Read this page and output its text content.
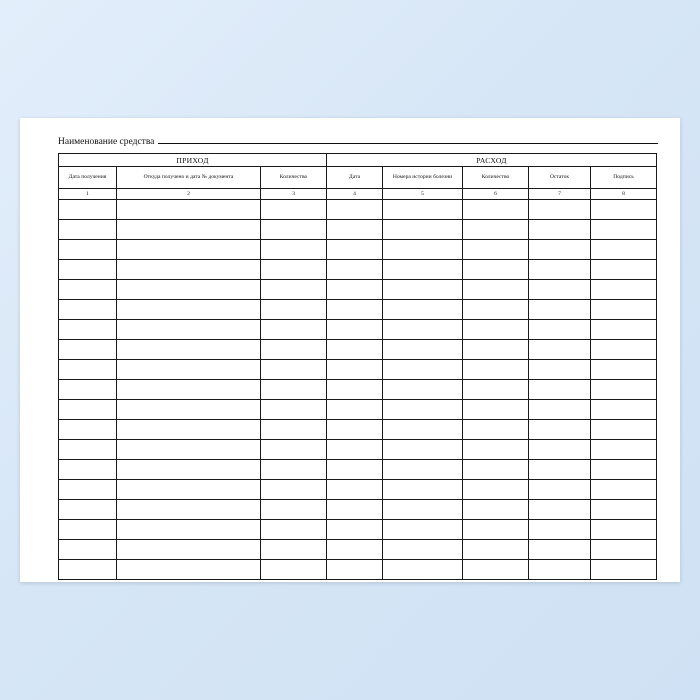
Наименование средства
ПРИХОД			РАСХОД				
Дата получения	Откуда получено и дата № документа	Количество	Дата	Номера истории болезни	Количество	Остаток	Подпись
1	2	3	4	5	6	7	8
